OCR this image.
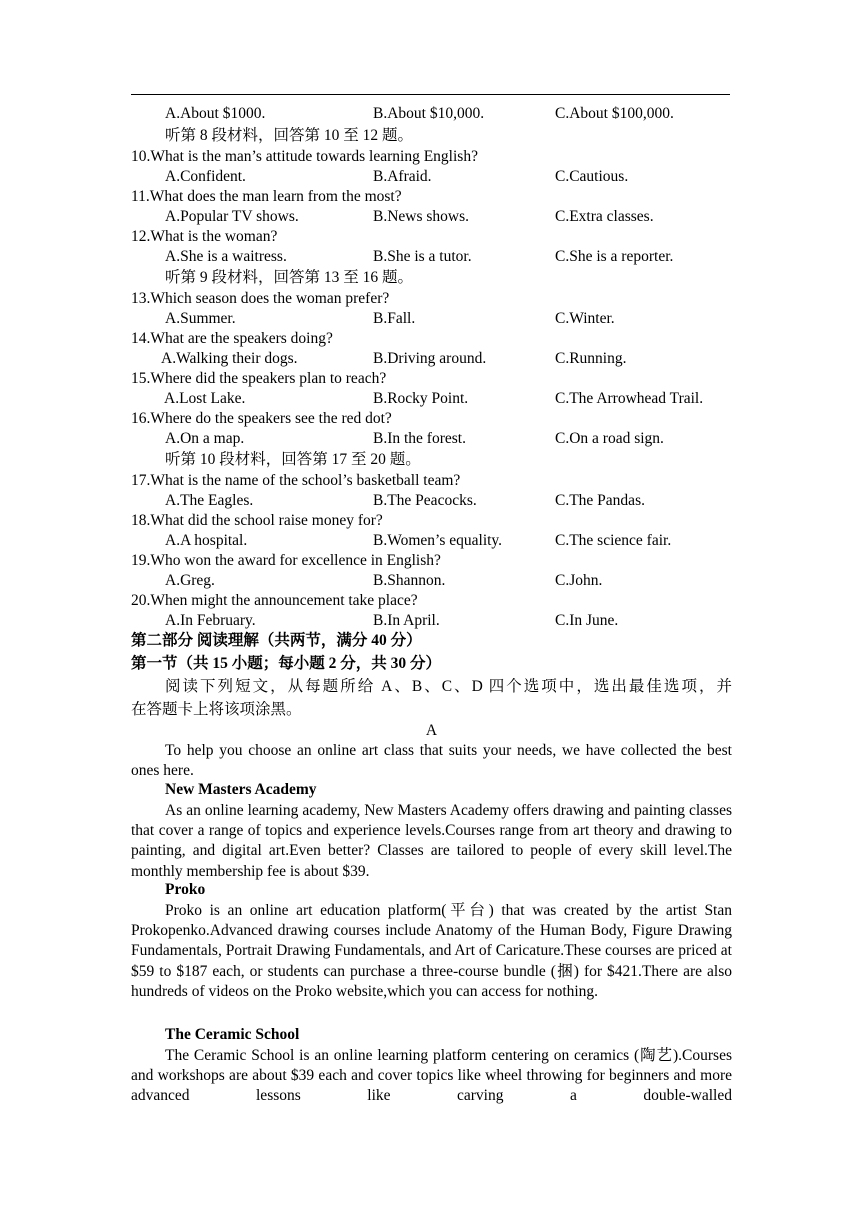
A.About $1000.	B.About $10,000.	C.About $100,000.
听第 8 段材料，回答第 10 至 12 题。
10.What is the man’s attitude towards learning English?
A.Confident.	B.Afraid.	C.Cautious.
11.What does the man learn from the most?
A.Popular TV shows.	B.News shows.	C.Extra classes.
12.What is the woman?
A.She is a waitress.	B.She is a tutor.	C.She is a reporter.
听第 9 段材料，回答第 13 至 16 题。
13.Which season does the woman prefer?
A.Summer.	B.Fall.	C.Winter.
14.What are the speakers doing?
A.Walking their dogs.	B.Driving around.	C.Running.
15.Where did the speakers plan to reach?
A.Lost Lake.	B.Rocky Point.	C.The Arrowhead Trail.
16.Where do the speakers see the red dot?
A.On a map.	B.In the forest.	C.On a road sign.
听第 10 段材料，回答第 17 至 20 题。
17.What is the name of the school’s basketball team?
A.The Eagles.	B.The Peacocks.	C.The Pandas.
18.What did the school raise money for?
A.A hospital.	B.Women’s equality.	C.The science fair.
19.Who won the award for excellence in English?
A.Greg.	B.Shannon.	C.John.
20.When might the announcement take place?
A.In February.	B.In April.	C.In June.
第二部分 阅读理解（共两节，满分 40 分）
第一节（共 15 小题；每小题 2 分，共 30 分）
阅读下列短文，从每题所给 A、B、C、D 四个选项中，选出最佳选项，并
在答题卡上将该项涂黑。
A
To help you choose an online art class that suits your needs, we have collected the best ones here.
New Masters Academy
As an online learning academy, New Masters Academy offers drawing and painting classes that cover a range of topics and experience levels.Courses range from art theory and drawing to painting, and digital art.Even better? Classes are tailored to people of every skill level.The monthly membership fee is about $39.
Proko
Proko is an online art education platform(平台) that was created by the artist Stan Prokopenko.Advanced drawing courses include Anatomy of the Human Body, Figure Drawing Fundamentals, Portrait Drawing Fundamentals, and Art of Caricature.These courses are priced at $59 to $187 each, or students can purchase a three-course bundle (捆) for $421.There are also hundreds of videos on the Proko website,which you can access for nothing.
The Ceramic School
The Ceramic School is an online learning platform centering on ceramics (陶艺).Courses and workshops are about $39 each and cover topics like wheel throwing for beginners and more advanced lessons like carving a double-walled
